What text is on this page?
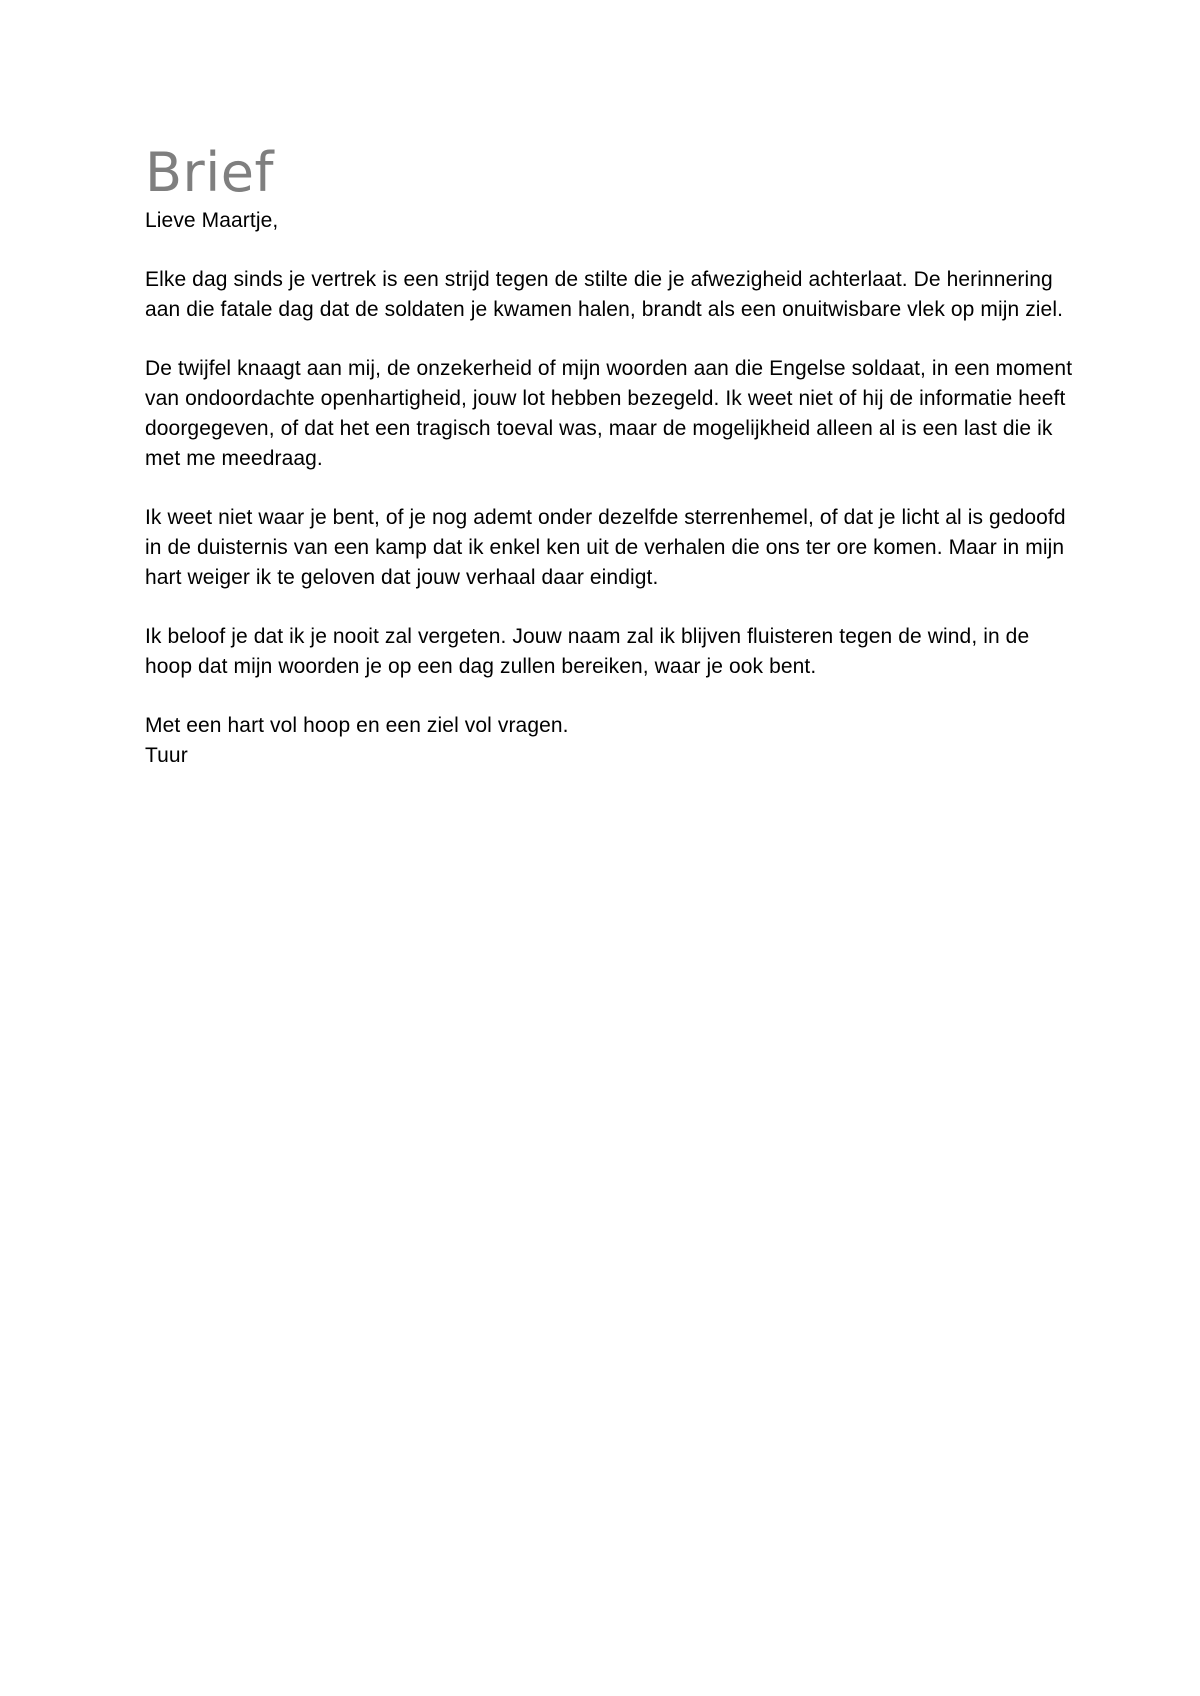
Brief

Lieve Maartje,

Elke dag sinds je vertrek is een strijd tegen de stilte die je afwezigheid achterlaat. De herinnering aan die fatale dag dat de soldaten je kwamen halen, brandt als een onuitwisbare vlek op mijn ziel.

De twijfel knaagt aan mij, de onzekerheid of mijn woorden aan die Engelse soldaat, in een moment van ondoordachte openhartigheid, jouw lot hebben bezegeld. Ik weet niet of hij de informatie heeft doorgegeven, of dat het een tragisch toeval was, maar de mogelijkheid alleen al is een last die ik met me meedraag.

Ik weet niet waar je bent, of je nog ademt onder dezelfde sterrenhemel, of dat je licht al is gedoofd in de duisternis van een kamp dat ik enkel ken uit de verhalen die ons ter ore komen. Maar in mijn hart weiger ik te geloven dat jouw verhaal daar eindigt.

Ik beloof je dat ik je nooit zal vergeten. Jouw naam zal ik blijven fluisteren tegen de wind, in de hoop dat mijn woorden je op een dag zullen bereiken, waar je ook bent.

Met een hart vol hoop en een ziel vol vragen.

Tuur
